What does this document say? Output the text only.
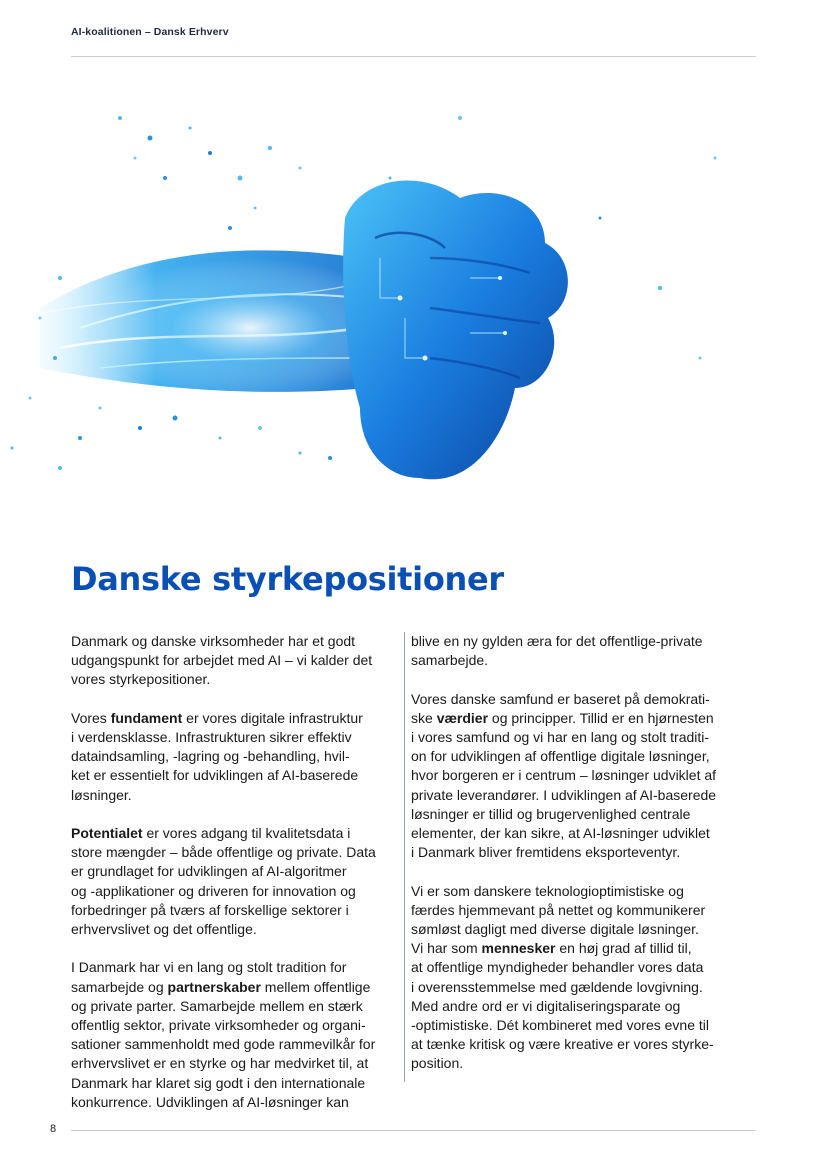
AI-koalitionen – Dansk Erhverv
Danske styrkepositioner

Danmark og danske virksomheder har et godt
udgangspunkt for arbejdet med AI – vi kalder det
vores styrkepositioner.

Vores fundament er vores digitale infrastruktur
i verdensklasse. Infrastrukturen sikrer effektiv
dataindsamling, -lagring og -behandling, hvil-
ket er essentielt for udviklingen af AI-baserede
løsninger.

Potentialet er vores adgang til kvalitetsdata i
store mængder – både offentlige og private. Data
er grundlaget for udviklingen af AI-algoritmer
og -applikationer og driveren for innovation og
forbedringer på tværs af forskellige sektorer i
erhvervslivet og det offentlige.

I Danmark har vi en lang og stolt tradition for
samarbejde og partnerskaber mellem offentlige
og private parter. Samarbejde mellem en stærk
offentlig sektor, private virksomheder og organi-
sationer sammenholdt med gode rammevilkår for
erhvervslivet er en styrke og har medvirket til, at
Danmark har klaret sig godt i den internationale
konkurrence. Udviklingen af AI-løsninger kan

blive en ny gylden æra for det offentlige-private
samarbejde.

Vores danske samfund er baseret på demokrati-
ske værdier og principper. Tillid er en hjørnesten
i vores samfund og vi har en lang og stolt traditi-
on for udviklingen af offentlige digitale løsninger,
hvor borgeren er i centrum – løsninger udviklet af
private leverandører. I udviklingen af AI-baserede
løsninger er tillid og brugervenlighed centrale
elementer, der kan sikre, at AI-løsninger udviklet
i Danmark bliver fremtidens eksporteventyr.

Vi er som danskere teknologioptimistiske og
færdes hjemmevant på nettet og kommunikerer
sømløst dagligt med diverse digitale løsninger.
Vi har som mennesker en høj grad af tillid til,
at offentlige myndigheder behandler vores data
i overensstemmelse med gældende lovgivning.
Med andre ord er vi digitaliseringsparate og
-optimistiske. Dét kombineret med vores evne til
at tænke kritisk og være kreative er vores styrke-
position.

8
